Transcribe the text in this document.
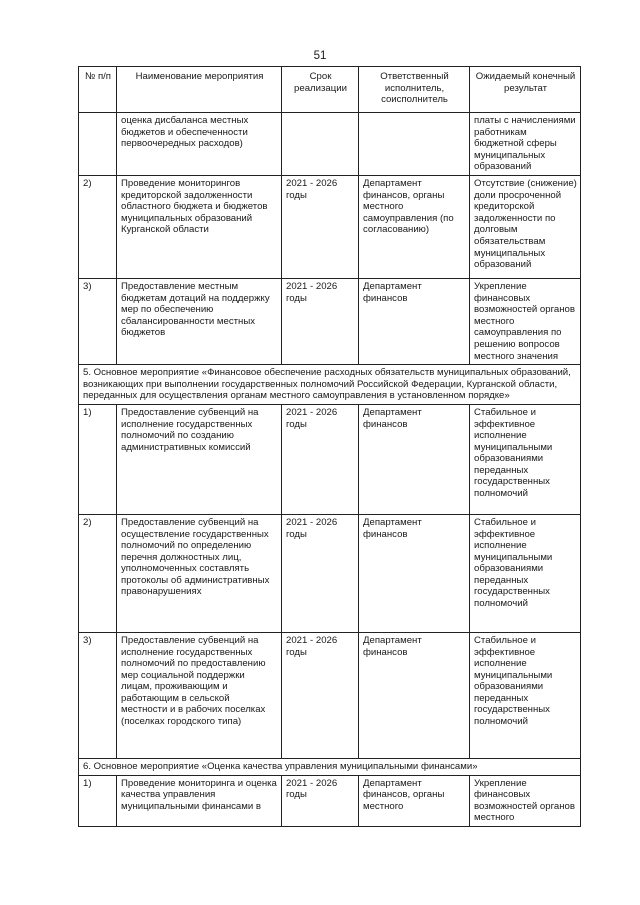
51
№ п/п	Наименование мероприятия	Срок реализации	Ответственный исполнитель, соисполнитель	Ожидаемый конечный результат
	оценка дисбаланса местных бюджетов и обеспеченности первоочередных расходов)			платы с начислениями работникам бюджетной сферы муниципальных образований
2)	Проведение мониторингов кредиторской задолженности областного бюджета и бюджетов муниципальных образований Курганской области	2021 - 2026 годы	Департамент финансов, органы местного самоуправления (по согласованию)	Отсутствие (снижение) доли просроченной кредиторской задолженности по долговым обязательствам муниципальных образований
3)	Предоставление местным бюджетам дотаций на поддержку мер по обеспечению сбалансированности местных бюджетов	2021 - 2026 годы	Департамент финансов	Укрепление финансовых возможностей органов местного самоуправления по решению вопросов местного значения
5. Основное мероприятие «Финансовое обеспечение расходных обязательств муниципальных образований, возникающих при выполнении государственных полномочий Российской Федерации, Курганской области, переданных для осуществления органам местного самоуправления в установленном порядке»				
1)	Предоставление субвенций на исполнение государственных полномочий по созданию административных комиссий	2021 - 2026 годы	Департамент финансов	Стабильное и эффективное исполнение муниципальными образованиями переданных государственных полномочий
2)	Предоставление субвенций на осуществление государственных полномочий по определению перечня должностных лиц, уполномоченных составлять протоколы об административных правонарушениях	2021 - 2026 годы	Департамент финансов	Стабильное и эффективное исполнение муниципальными образованиями переданных государственных полномочий
3)	Предоставление субвенций на исполнение государственных полномочий по предоставлению мер социальной поддержки лицам, проживающим и работающим в сельской местности и в рабочих поселках (поселках городского типа)	2021 - 2026 годы	Департамент финансов	Стабильное и эффективное исполнение муниципальными образованиями переданных государственных полномочий
6. Основное мероприятие «Оценка качества управления муниципальными финансами»				
1)	Проведение мониторинга и оценка качества управления муниципальными финансами в	2021 - 2026 годы	Департамент финансов, органы местного	Укрепление финансовых возможностей органов местного
